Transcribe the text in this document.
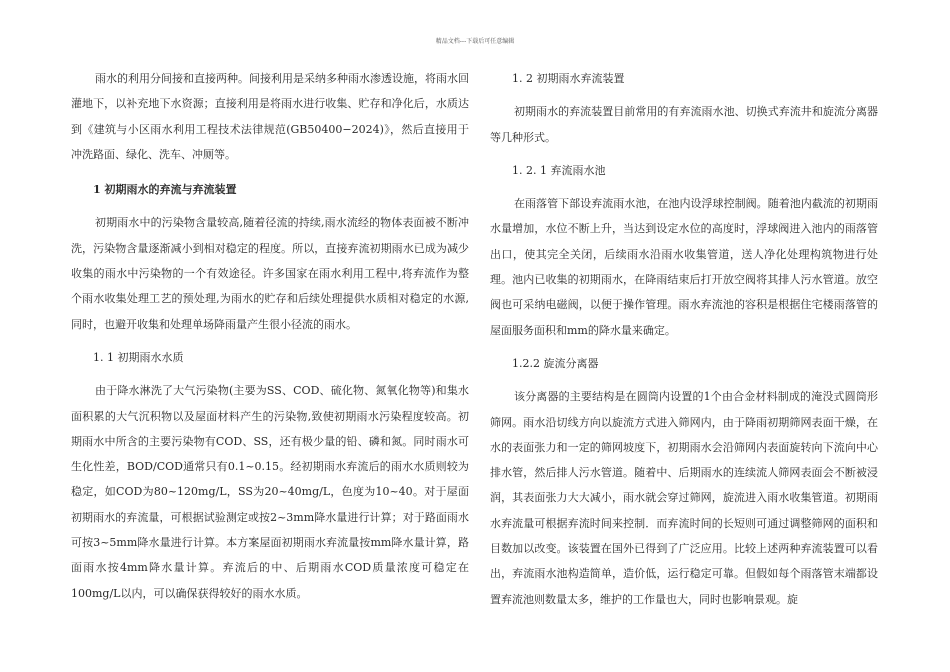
精品文档---下载后可任意编辑

雨水的利用分间接和直接两种。间接利用是采纳多种雨水渗透设施，将雨水回灌地下，以补充地下水资源；直接利用是将雨水进行收集、贮存和净化后，水质达到《建筑与小区雨水利用工程技术法律规范(GB50400−2024)》，然后直接用于冲洗路面、绿化、洗车、冲厕等。

1 初期雨水的弃流与弃流装置

初期雨水中的污染物含量较高,随着径流的持续,雨水流经的物体表面被不断冲洗，污染物含量逐渐减小到相对稳定的程度。所以，直接弃流初期雨水已成为减少收集的雨水中污染物的一个有效途径。许多国家在雨水利用工程中,将弃流作为整个雨水收集处理工艺的预处理,为雨水的贮存和后续处理提供水质相对稳定的水源,同时，也避开收集和处理单场降雨量产生很小径流的雨水。

1. 1 初期雨水水质

由于降水淋洗了大气污染物(主要为SS、COD、硫化物、氮氧化物等)和集水面积累的大气沉积物以及屋面材料产生的污染物,致使初期雨水污染程度较高。初期雨水中所含的主要污染物有COD、SS，还有极少量的铅、磷和氮。同时雨水可生化性差，BOD/COD通常只有0.1~0.15。经初期雨水弃流后的雨水水质则较为稳定，如COD为80~120mg/L，SS为20~40mg/L，色度为10~40。对于屋面初期雨水的弃流量，可根据试验测定或按2~3mm降水量进行计算；对于路面雨水可按3~5mm降水量进行计算。本方案屋面初期雨水弃流量按mm降水量计算，路面雨水按4mm降水量计算。弃流后的中、后期雨水COD质量浓度可稳定在100mg/L以内，可以确保获得较好的雨水水质。

1. 2 初期雨水弃流装置

初期雨水的弃流装置目前常用的有弃流雨水池、切换式弃流井和旋流分离器等几种形式。

1. 2. 1 弃流雨水池

在雨落管下部设弃流雨水池，在池内设浮球控制阀。随着池内截流的初期雨水量增加，水位不断上升，当达到设定水位的高度时，浮球阀进入池内的雨落管出口，使其完全关闭，后续雨水沿雨水收集管道，送人净化处理构筑物进行处理。池内已收集的初期雨水，在降雨结束后打开放空阀将其排人污水管道。放空阀也可采纳电磁阀，以便于操作管理。雨水弃流池的容积是根据住宅楼雨落管的屋面服务面积和mm的降水量来确定。

1.2.2 旋流分离器

该分离器的主要结构是在圆筒内设置的1个由合金材料制成的淹没式圆筒形筛网。雨水沿切线方向以旋流方式进入筛网内，由于降雨初期筛网表面干燥，在水的表面张力和一定的筛网坡度下，初期雨水会沿筛网内表面旋转向下流向中心排水管，然后排人污水管道。随着中、后期雨水的连续流人筛网表面会不断被浸润，其表面张力大大减小，雨水就会穿过筛网，旋流进入雨水收集管道。初期雨水弃流量可根据弃流时间来控制．而弃流时间的长短则可通过调整筛网的面积和目数加以改变。该装置在国外已得到了广泛应用。比较上述两种弃流装置可以看出，弃流雨水池构造简单，造价低，运行稳定可靠。但假如每个雨落管末端都设置弃流池则数量太多，维护的工作量也大，同时也影响景观。旋
